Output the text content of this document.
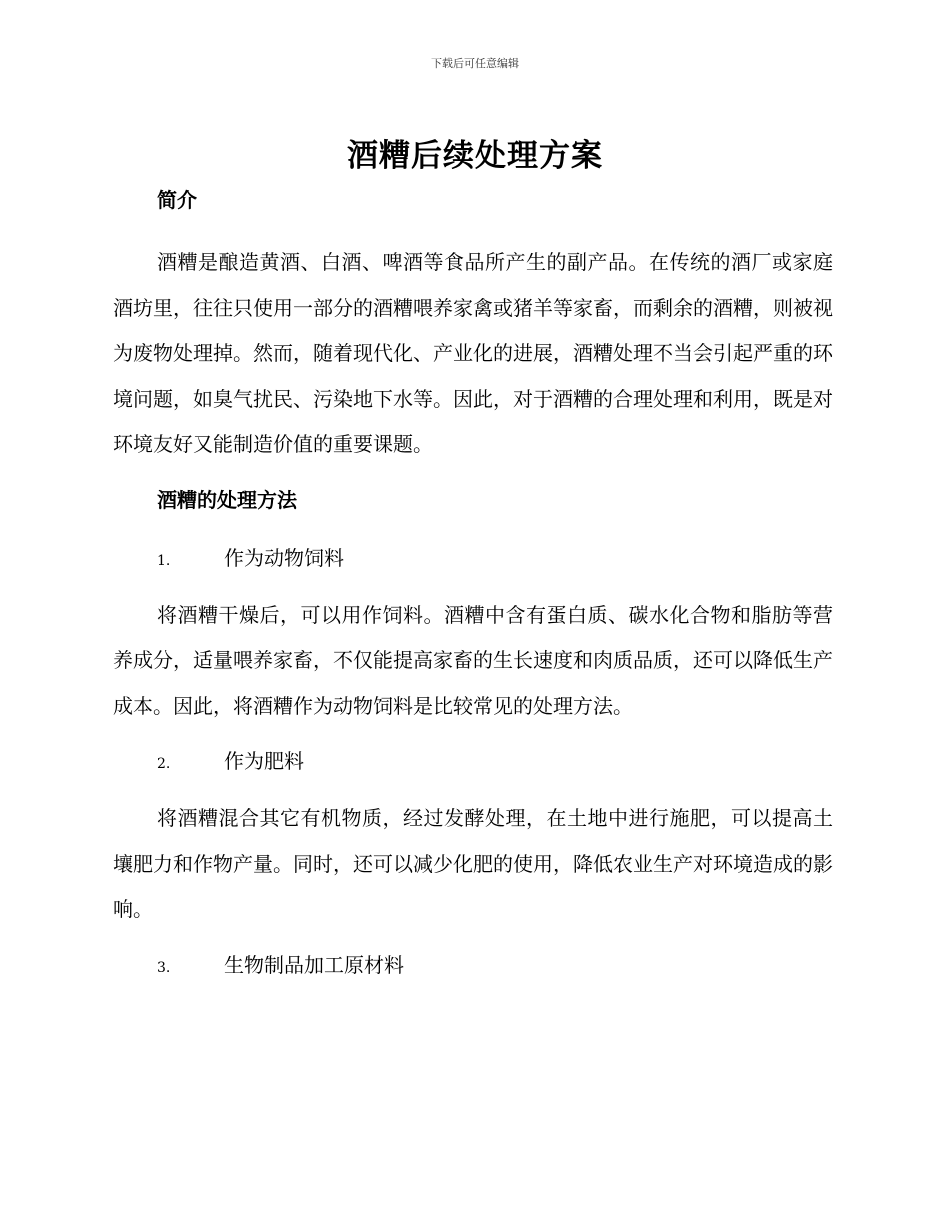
下载后可任意编辑
酒糟后续处理方案

简介

酒糟是酿造黄酒、白酒、啤酒等食品所产生的副产品。在传统的酒厂或家庭酒坊里，往往只使用一部分的酒糟喂养家禽或猪羊等家畜，而剩余的酒糟，则被视为废物处理掉。然而，随着现代化、产业化的进展，酒糟处理不当会引起严重的环境问题，如臭气扰民、污染地下水等。因此，对于酒糟的合理处理和利用，既是对环境友好又能制造价值的重要课题。

酒糟的处理方法

1.	作为动物饲料

将酒糟干燥后，可以用作饲料。酒糟中含有蛋白质、碳水化合物和脂肪等营养成分，适量喂养家畜，不仅能提高家畜的生长速度和肉质品质，还可以降低生产成本。因此，将酒糟作为动物饲料是比较常见的处理方法。

2.	作为肥料

将酒糟混合其它有机物质，经过发酵处理，在土地中进行施肥，可以提高土壤肥力和作物产量。同时，还可以减少化肥的使用，降低农业生产对环境造成的影响。

3.	生物制品加工原材料
